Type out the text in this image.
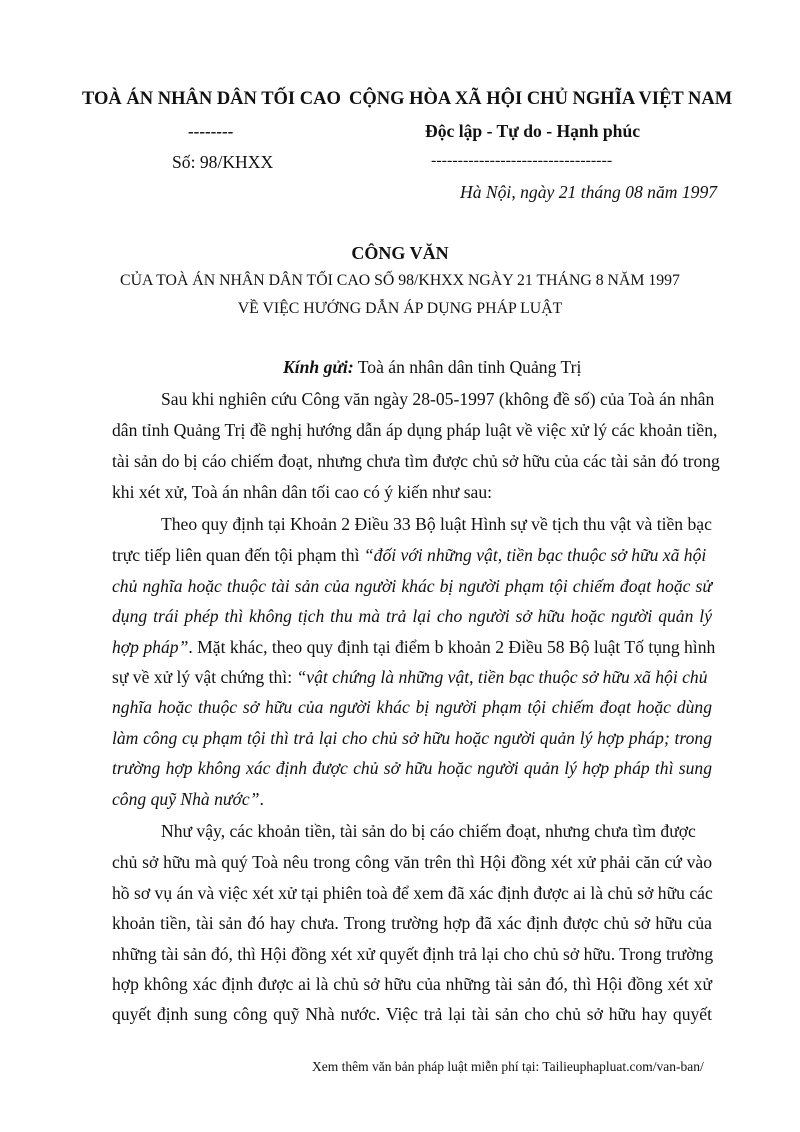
TOÀ ÁN NHÂN DÂN TỐI CAO CỘNG HÒA XÃ HỘI CHỦ NGHĨA VIỆT NAM
--------	Độc lập - Tự do - Hạnh phúc
Số: 98/KHXX	----------------------------------
Hà Nội, ngày 21 tháng 08 năm 1997
CÔNG VĂN
CỦA TOÀ ÁN NHÂN DÂN TỐI CAO SỐ 98/KHXX NGÀY 21 THÁNG 8 NĂM 1997
VỀ VIỆC HƯỚNG DẪN ÁP DỤNG PHÁP LUẬT
Kính gửi: Toà án nhân dân tỉnh Quảng Trị
Sau khi nghiên cứu Công văn ngày 28-05-1997 (không đề số) của Toà án nhân
dân tỉnh Quảng Trị đề nghị hướng dẫn áp dụng pháp luật về việc xử lý các khoản tiền,
tài sản do bị cáo chiếm đoạt, nhưng chưa tìm được chủ sở hữu của các tài sản đó trong
khi xét xử, Toà án nhân dân tối cao có ý kiến như sau:
Theo quy định tại Khoản 2 Điều 33 Bộ luật Hình sự về tịch thu vật và tiền bạc
trực tiếp liên quan đến tội phạm thì “đối với những vật, tiền bạc thuộc sở hữu xã hội
chủ nghĩa hoặc thuộc tài sản của người khác bị người phạm tội chiếm đoạt hoặc sử
dụng trái phép thì không tịch thu mà trả lại cho người sở hữu hoặc người quản lý
hợp pháp”. Mặt khác, theo quy định tại điểm b khoản 2 Điều 58 Bộ luật Tố tụng hình
sự về xử lý vật chứng thì: “vật chứng là những vật, tiền bạc thuộc sở hữu xã hội chủ
nghĩa hoặc thuộc sở hữu của người khác bị người phạm tội chiếm đoạt hoặc dùng
làm công cụ phạm tội thì trả lại cho chủ sở hữu hoặc người quản lý hợp pháp; trong
trường hợp không xác định được chủ sở hữu hoặc người quản lý hợp pháp thì sung
công quỹ Nhà nước”.
Như vậy, các khoản tiền, tài sản do bị cáo chiếm đoạt, nhưng chưa tìm được
chủ sở hữu mà quý Toà nêu trong công văn trên thì Hội đồng xét xử phải căn cứ vào
hồ sơ vụ án và việc xét xử tại phiên toà để xem đã xác định được ai là chủ sở hữu các
khoản tiền, tài sản đó hay chưa. Trong trường hợp đã xác định được chủ sở hữu của
những tài sản đó, thì Hội đồng xét xử quyết định trả lại cho chủ sở hữu. Trong trường
hợp không xác định được ai là chủ sở hữu của những tài sản đó, thì Hội đồng xét xử
quyết định sung công quỹ Nhà nước. Việc trả lại tài sản cho chủ sở hữu hay quyết
Xem thêm văn bản pháp luật miễn phí tại: Tailieuphapluat.com/van-ban/
